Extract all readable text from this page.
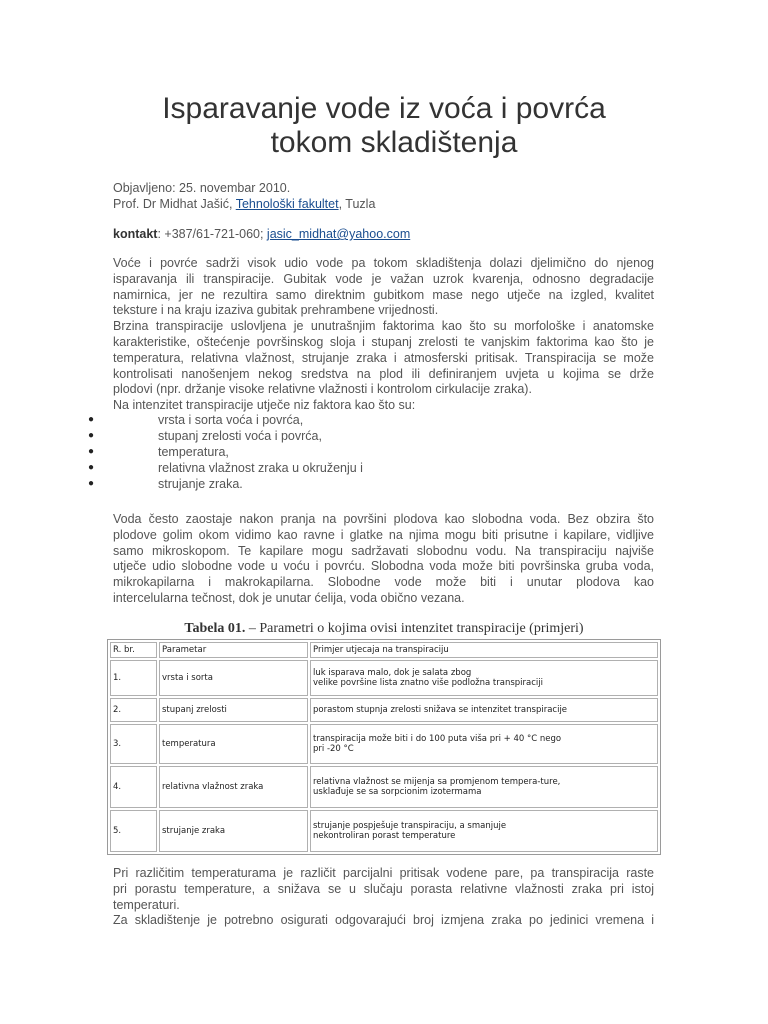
Isparavanje vode iz voća i povrća
tokom skladištenja
Objavljeno: 25. novembar 2010.
Prof. Dr Midhat Jašić, Tehnološki fakultet, Tuzla
kontakt: +387/61-721-060; jasic_midhat@yahoo.com
Voće i povrće sadrži visok udio vode pa tokom skladištenja dolazi djelimično do njenog
isparavanja ili transpiracije. Gubitak vode je važan uzrok kvarenja, odnosno degradacije
namirnica, jer ne rezultira samo direktnim gubitkom mase nego utječe na izgled, kvalitet
teksture i na kraju izaziva gubitak prehrambene vrijednosti.
Brzina transpiracije uslovljena je unutrašnjim faktorima kao što su morfološke i anatomske
karakteristike, oštećenje površinskog sloja i stupanj zrelosti te vanjskim faktorima kao što je
temperatura, relativna vlažnost, strujanje zraka i atmosferski pritisak. Transpiracija se može
kontrolisati nanošenjem nekog sredstva na plod ili definiranjem uvjeta u kojima se drže
plodovi (npr. držanje visoke relativne vlažnosti i kontrolom cirkulacije zraka).
Na intenzitet transpiracije utječe niz faktora kao što su:
●	vrsta i sorta voća i povrća,
●	stupanj zrelosti voća i povrća,
●	temperatura,
●	relativna vlažnost zraka u okruženju i
●	strujanje zraka.
Voda često zaostaje nakon pranja na površini plodova kao slobodna voda. Bez obzira što
plodove golim okom vidimo kao ravne i glatke na njima mogu biti prisutne i kapilare, vidljive
samo mikroskopom. Te kapilare mogu sadržavati slobodnu vodu. Na transpiraciju najviše
utječe udio slobodne vode u voću i povrću. Slobodna voda može biti površinska gruba voda,
mikrokapilarna i makrokapilarna. Slobodne vode može biti i unutar plodova kao
intercelularna tečnost, dok je unutar ćelija, voda obično vezana.
Tabela 01. – Parametri o kojima ovisi intenzitet transpiracije (primjeri)
R. br.	Parametar	Primjer utjecaja na transpiraciju
1.	vrsta i sorta	luk isparava malo, dok je salata zbog
velike površine lista znatno više podložna transpiraciji

2.	stupanj zrelosti	porastom stupnja zrelosti snižava se intenzitet transpiracije

3.	temperatura	transpiracija može biti i do 100 puta viša pri + 40 °C nego
pri -20 °C

4.	relativna vlažnost zraka	relativna vlažnost se mijenja sa promjenom tempera-ture,
usklađuje se sa sorpcionim izotermama

5.	strujanje zraka	strujanje pospješuje transpiraciju, a smanjuje
nekontroliran porast temperature
Pri različitim temperaturama je različit parcijalni pritisak vodene pare, pa transpiracija raste
pri porastu temperature, a snižava se u slučaju porasta relativne vlažnosti zraka pri istoj
temperaturi.
Za skladištenje je potrebno osigurati odgovarajući broj izmjena zraka po jedinici vremena i
